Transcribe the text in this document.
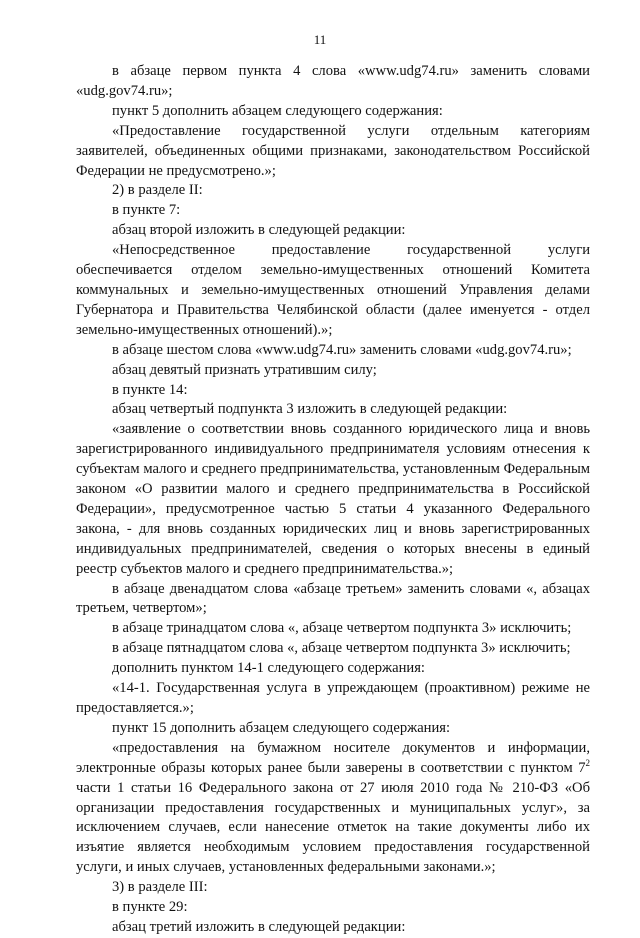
11

в абзаце первом пункта 4 слова «www.udg74.ru» заменить словами «udg.gov74.ru»;

пункт 5 дополнить абзацем следующего содержания:

«Предоставление государственной услуги отдельным категориям заявителей, объединенных общими признаками, законодательством Российской Федерации не предусмотрено.»;

2) в разделе II:

в пункте 7:

абзац второй изложить в следующей редакции:

«Непосредственное предоставление государственной услуги обеспечивается отделом земельно-имущественных отношений Комитета коммунальных и земельно-имущественных отношений Управления делами Губернатора и Правительства Челябинской области (далее именуется - отдел земельно-имущественных отношений).»;

в абзаце шестом слова «www.udg74.ru» заменить словами «udg.gov74.ru»;

абзац девятый признать утратившим силу;

в пункте 14:

абзац четвертый подпункта 3 изложить в следующей редакции:

«заявление о соответствии вновь созданного юридического лица и вновь зарегистрированного индивидуального предпринимателя условиям отнесения к субъектам малого и среднего предпринимательства, установленным Федеральным законом «О развитии малого и среднего предпринимательства в Российской Федерации», предусмотренное частью 5 статьи 4 указанного Федерального закона, - для вновь созданных юридических лиц и вновь зарегистрированных индивидуальных предпринимателей, сведения о которых внесены в единый реестр субъектов малого и среднего предпринимательства.»;

в абзаце двенадцатом слова «абзаце третьем» заменить словами «, абзацах третьем, четвертом»;

в абзаце тринадцатом слова «, абзаце четвертом подпункта 3» исключить;

в абзаце пятнадцатом слова «, абзаце четвертом подпункта 3» исключить;

дополнить пунктом 14-1 следующего содержания:

«14-1. Государственная услуга в упреждающем (проактивном) режиме не предоставляется.»;

пункт 15 дополнить абзацем следующего содержания:

«предоставления на бумажном носителе документов и информации, электронные образы которых ранее были заверены в соответствии с пунктом $7^2$ части 1 статьи 16 Федерального закона от 27 июля 2010 года № 210-ФЗ «Об организации предоставления государственных и муниципальных услуг», за исключением случаев, если нанесение отметок на такие документы либо их изъятие является необходимым условием предоставления государственной услуги, и иных случаев, установленных федеральными законами.»;

3) в разделе III:

в пункте 29:

абзац третий изложить в следующей редакции:
